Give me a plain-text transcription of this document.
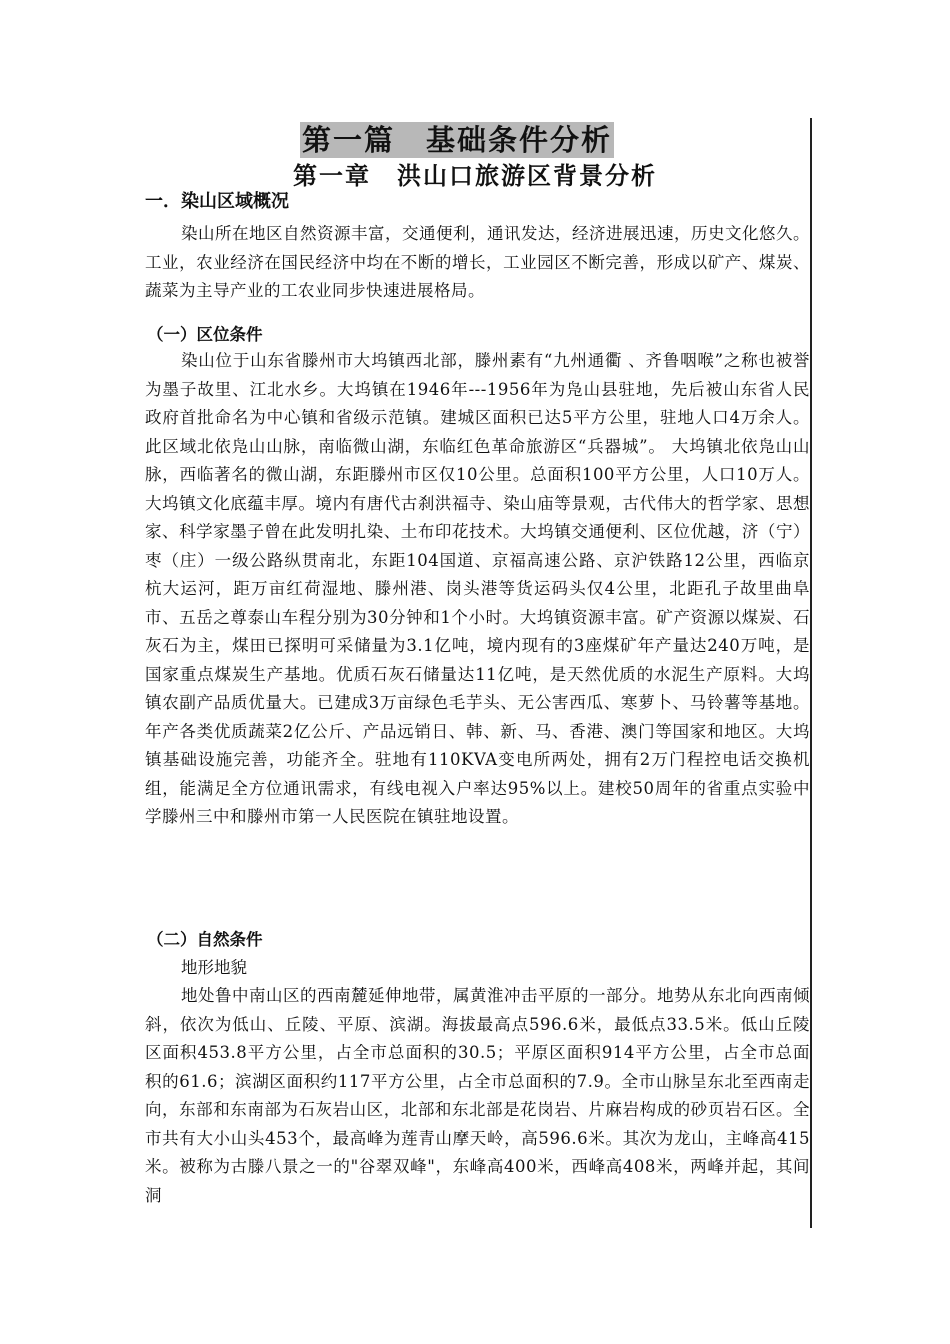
第一篇　基础条件分析
第一章　洪山口旅游区背景分析
一．染山区域概况
染山所在地区自然资源丰富，交通便利，通讯发达，经济进展迅速，历史文化悠久。工业，农业经济在国民经济中均在不断的增长，工业园区不断完善，形成以矿产、煤炭、蔬菜为主导产业的工农业同步快速进展格局。
（一）区位条件
染山位于山东省滕州市大坞镇西北部，滕州素有“九州通衢 、齐鲁咽喉”之称也被誉为墨子故里、江北水乡。大坞镇在1946年---1956年为凫山县驻地，先后被山东省人民政府首批命名为中心镇和省级示范镇。建城区面积已达5平方公里，驻地人口4万余人。此区域北依凫山山脉，南临微山湖，东临红色革命旅游区“兵器城”。 大坞镇北依凫山山脉，西临著名的微山湖，东距滕州市区仅10公里。总面积100平方公里，人口10万人。大坞镇文化底蕴丰厚。境内有唐代古刹洪福寺、染山庙等景观，古代伟大的哲学家、思想家、科学家墨子曾在此发明扎染、土布印花技术。大坞镇交通便利、区位优越，济（宁）枣（庄）一级公路纵贯南北，东距104国道、京福高速公路、京沪铁路12公里，西临京杭大运河，距万亩红荷湿地、滕州港、岗头港等货运码头仅4公里，北距孔子故里曲阜市、五岳之尊泰山车程分别为30分钟和1个小时。大坞镇资源丰富。矿产资源以煤炭、石灰石为主，煤田已探明可采储量为3.1亿吨，境内现有的3座煤矿年产量达240万吨，是国家重点煤炭生产基地。优质石灰石储量达11亿吨，是天然优质的水泥生产原料。大坞镇农副产品质优量大。已建成3万亩绿色毛芋头、无公害西瓜、寒萝卜、马铃薯等基地。年产各类优质蔬菜2亿公斤、产品远销日、韩、新、马、香港、澳门等国家和地区。大坞镇基础设施完善，功能齐全。驻地有110KVA变电所两处，拥有2万门程控电话交换机组，能满足全方位通讯需求，有线电视入户率达95%以上。建校50周年的省重点实验中学滕州三中和滕州市第一人民医院在镇驻地设置。
（二）自然条件
地形地貌
地处鲁中南山区的西南麓延伸地带，属黄淮冲击平原的一部分。地势从东北向西南倾斜，依次为低山、丘陵、平原、滨湖。海拔最高点596.6米，最低点33.5米。低山丘陵区面积453.8平方公里，占全市总面积的30.5；平原区面积914平方公里，占全市总面积的61.6；滨湖区面积约117平方公里，占全市总面积的7.9。全市山脉呈东北至西南走向，东部和东南部为石灰岩山区，北部和东北部是花岗岩、片麻岩构成的砂页岩石区。全市共有大小山头453个，最高峰为莲青山摩天岭，高596.6米。其次为龙山，主峰高415米。被称为古滕八景之一的"谷翠双峰"，东峰高400米，西峰高408米，两峰并起，其间洞
